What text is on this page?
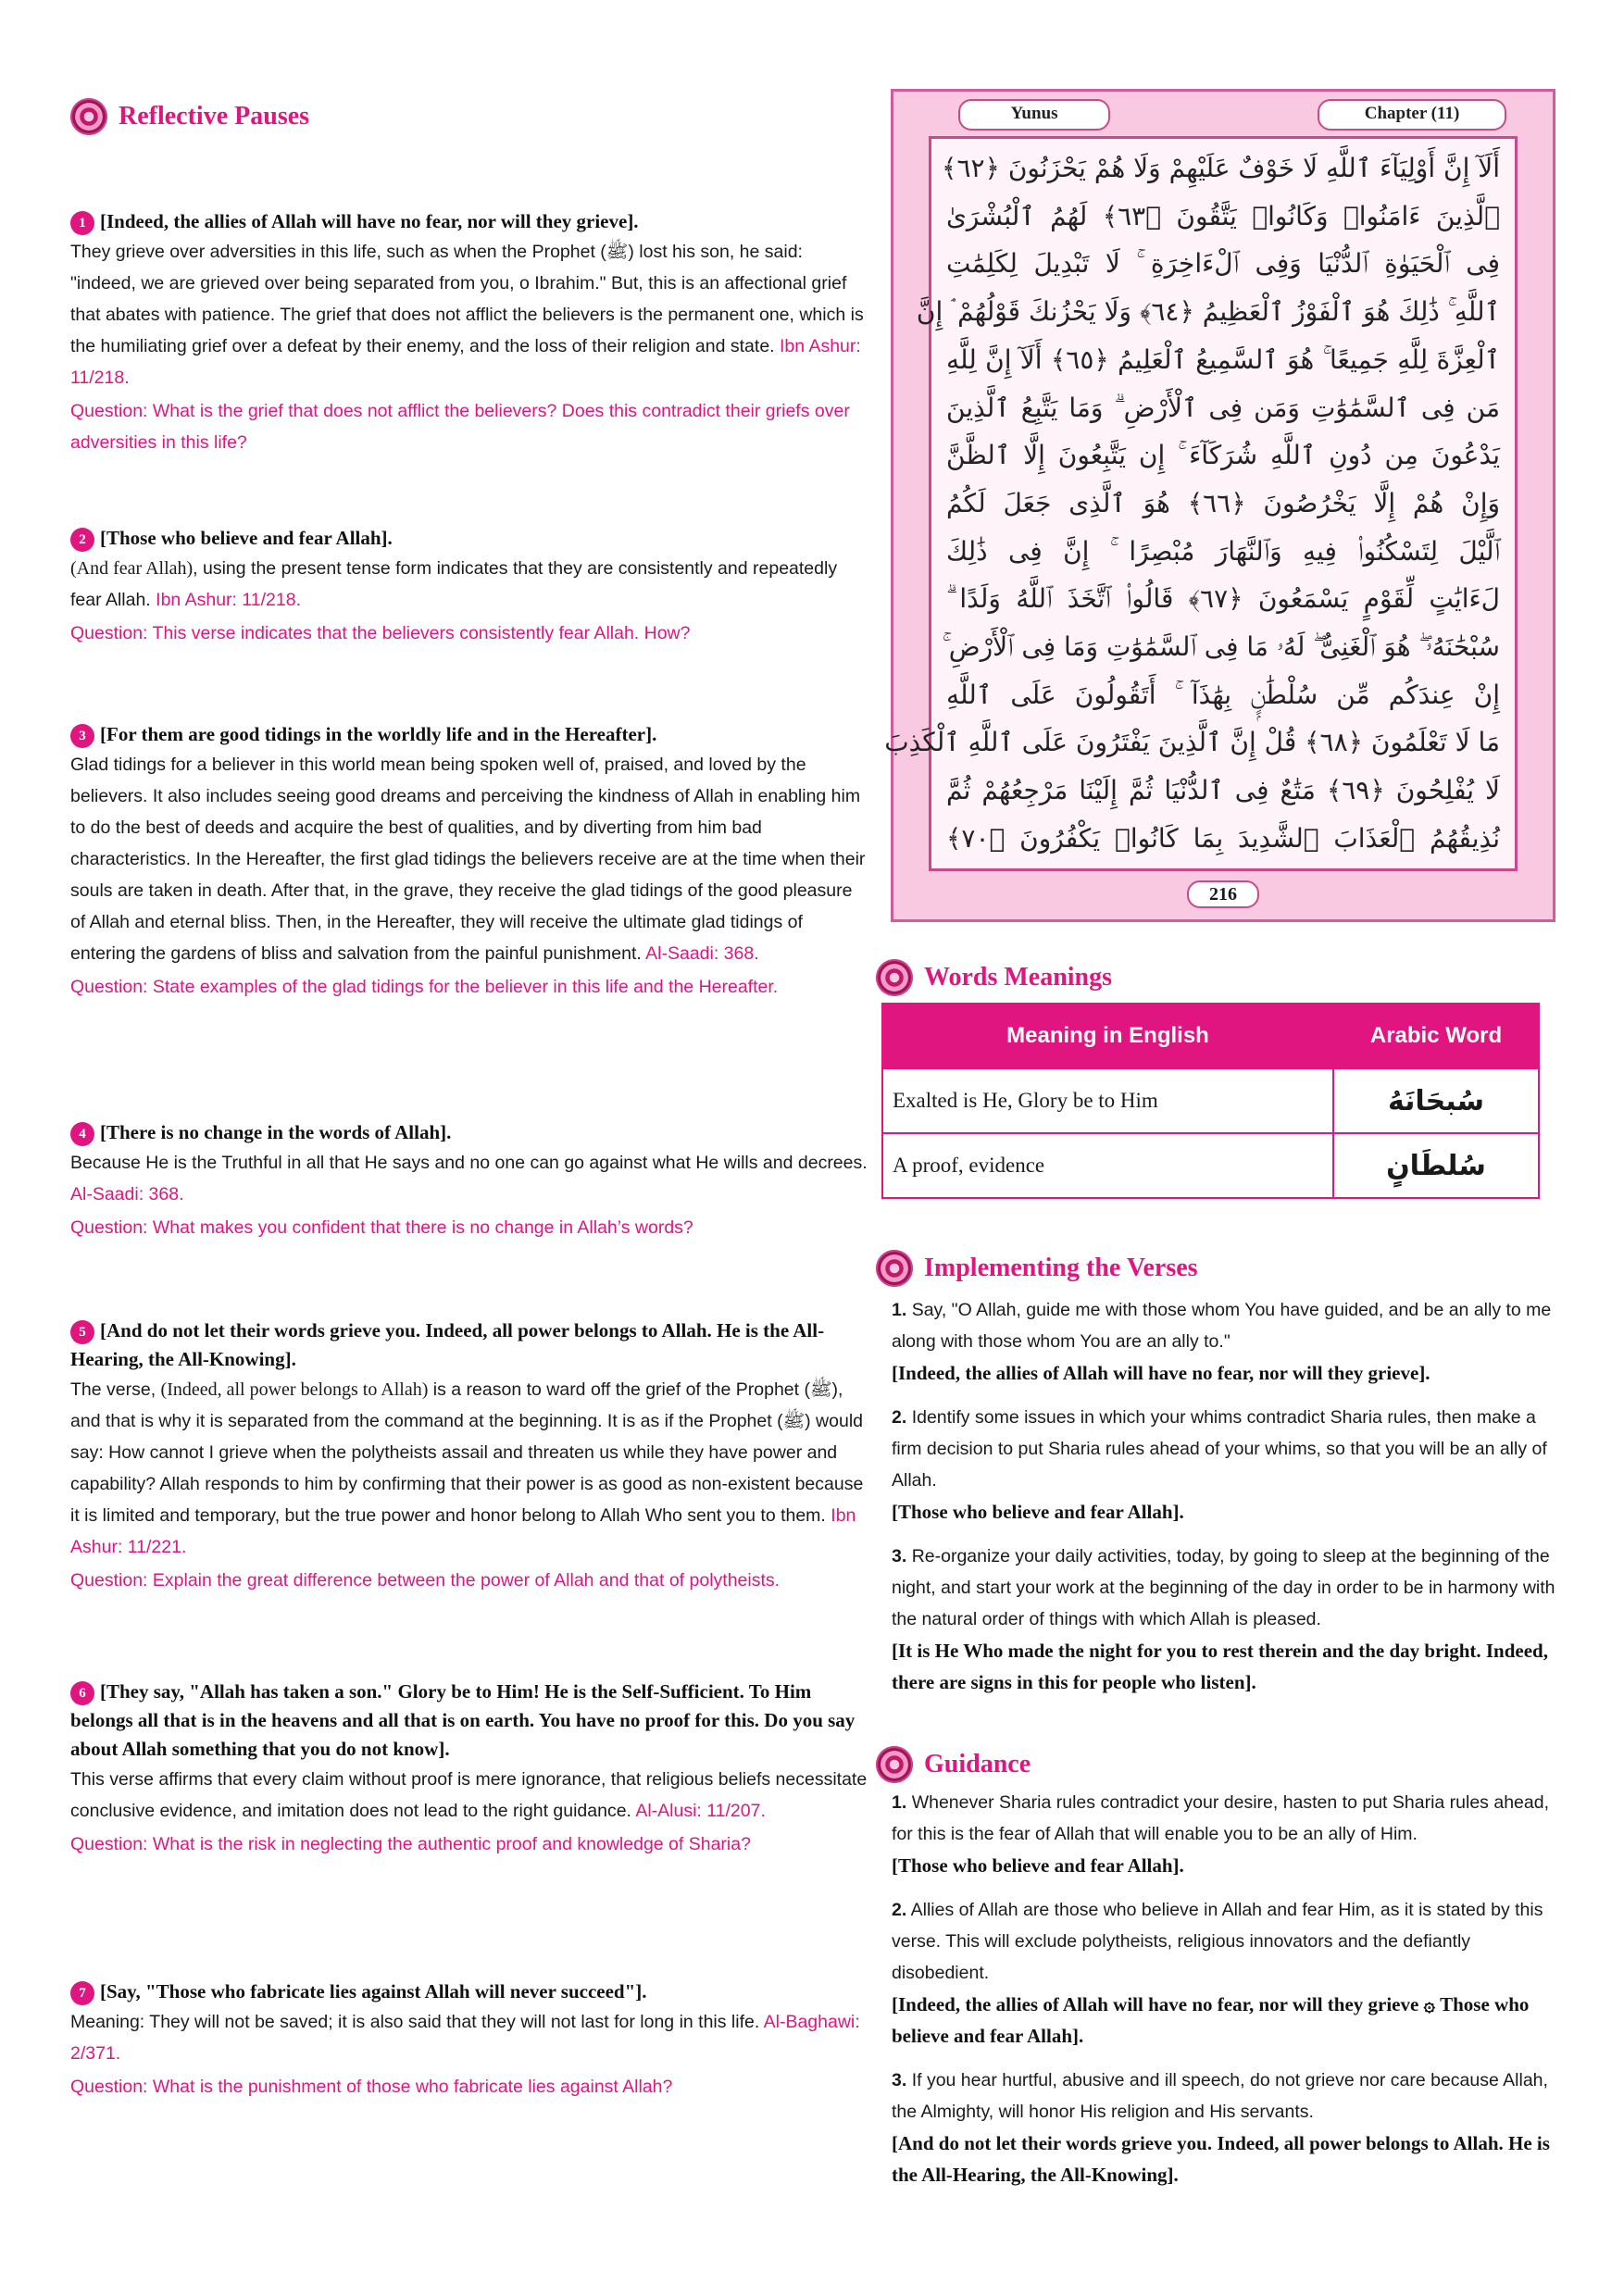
Reflective Pauses
1 [Indeed, the allies of Allah will have no fear, nor will they grieve].
They grieve over adversities in this life, such as when the Prophet (ﷺ) lost his son, he said: "indeed, we are grieved over being separated from you, o Ibrahim." But, this is an affectional grief that abates with patience. The grief that does not afflict the believers is the permanent one, which is the humiliating grief over a defeat by their enemy, and the loss of their religion and state. Ibn Ashur: 11/218.
Question: What is the grief that does not afflict the believers? Does this contradict their griefs over adversities in this life?
2 [Those who believe and fear Allah].
(And fear Allah), using the present tense form indicates that they are consistently and repeatedly fear Allah. Ibn Ashur: 11/218.
Question: This verse indicates that the believers consistently fear Allah. How?
3 [For them are good tidings in the worldly life and in the Hereafter].
Glad tidings for a believer in this world mean being spoken well of, praised, and loved by the believers. It also includes seeing good dreams and perceiving the kindness of Allah in enabling him to do the best of deeds and acquire the best of qualities, and by diverting from him bad characteristics. In the Hereafter, the first glad tidings the believers receive are at the time when their souls are taken in death. After that, in the grave, they receive the glad tidings of the good pleasure of Allah and eternal bliss. Then, in the Hereafter, they will receive the ultimate glad tidings of entering the gardens of bliss and salvation from the painful punishment. Al-Saadi: 368.
Question: State examples of the glad tidings for the believer in this life and the Hereafter.
4 [There is no change in the words of Allah].
Because He is the Truthful in all that He says and no one can go against what He wills and decrees. Al-Saadi: 368.
Question: What makes you confident that there is no change in Allah’s words?
5 [And do not let their words grieve you. Indeed, all power belongs to Allah. He is the All-Hearing, the All-Knowing].
The verse, (Indeed, all power belongs to Allah) is a reason to ward off the grief of the Prophet (ﷺ), and that is why it is separated from the command at the beginning. It is as if the Prophet (ﷺ) would say: How cannot I grieve when the polytheists assail and threaten us while they have power and capability? Allah responds to him by confirming that their power is as good as non-existent because it is limited and temporary, but the true power and honor belong to Allah Who sent you to them. Ibn Ashur: 11/221.
Question: Explain the great difference between the power of Allah and that of polytheists.
6 [They say, "Allah has taken a son." Glory be to Him! He is the Self-Sufficient. To Him belongs all that is in the heavens and all that is on earth. You have no proof for this. Do you say about Allah something that you do not know].
This verse affirms that every claim without proof is mere ignorance, that religious beliefs necessitate conclusive evidence, and imitation does not lead to the right guidance. Al-Alusi: 11/207.
Question: What is the risk in neglecting the authentic proof and knowledge of Sharia?
7 [Say, "Those who fabricate lies against Allah will never succeed"].
Meaning: They will not be saved; it is also said that they will not last for long in this life. Al-Baghawi: 2/371.
Question: What is the punishment of those who fabricate lies against Allah?
Yunus	Chapter (11)
أَلَآ إِنَّ أَوْلِيَآءَ ٱللَّهِ لَا خَوْفٌ عَلَيْهِمْ وَلَا هُمْ يَحْزَنُونَ ﴿٦٢﴾
ٱلَّذِينَ ءَامَنُوا۟ وَكَانُوا۟ يَتَّقُونَ ﴿٦٣﴾ لَهُمُ ٱلْبُشْرَىٰ
فِى ٱلْحَيَوٰةِ ٱلدُّنْيَا وَفِى ٱلْءَاخِرَةِ ۚ لَا تَبْدِيلَ لِكَلِمَٰتِ
ٱللَّهِ ۚ ذَٰلِكَ هُوَ ٱلْفَوْزُ ٱلْعَظِيمُ ﴿٦٤﴾ وَلَا يَحْزُنكَ قَوْلُهُمْ ۘ إِنَّ
ٱلْعِزَّةَ لِلَّهِ جَمِيعًا ۚ هُوَ ٱلسَّمِيعُ ٱلْعَلِيمُ ﴿٦٥﴾ أَلَآ إِنَّ لِلَّهِ
مَن فِى ٱلسَّمَٰوَٰتِ وَمَن فِى ٱلْأَرْضِ ۗ وَمَا يَتَّبِعُ ٱلَّذِينَ
يَدْعُونَ مِن دُونِ ٱللَّهِ شُرَكَآءَ ۚ إِن يَتَّبِعُونَ إِلَّا ٱلظَّنَّ
وَإِنْ هُمْ إِلَّا يَخْرُصُونَ ﴿٦٦﴾ هُوَ ٱلَّذِى جَعَلَ لَكُمُ
ٱلَّيْلَ لِتَسْكُنُوا۟ فِيهِ وَٱلنَّهَارَ مُبْصِرًا ۚ إِنَّ فِى ذَٰلِكَ
لَءَايَٰتٍ لِّقَوْمٍ يَسْمَعُونَ ﴿٦٧﴾ قَالُوا۟ ٱتَّخَذَ ٱللَّهُ وَلَدًا ۗ
سُبْحَٰنَهُۥ ۖ هُوَ ٱلْغَنِىُّ ۖ لَهُۥ مَا فِى ٱلسَّمَٰوَٰتِ وَمَا فِى ٱلْأَرْضِ ۚ
إِنْ عِندَكُم مِّن سُلْطَٰنٍۭ بِهَٰذَآ ۚ أَتَقُولُونَ عَلَى ٱللَّهِ
مَا لَا تَعْلَمُونَ ﴿٦٨﴾ قُلْ إِنَّ ٱلَّذِينَ يَفْتَرُونَ عَلَى ٱللَّهِ ٱلْكَذِبَ
لَا يُفْلِحُونَ ﴿٦٩﴾ مَتَٰعٌ فِى ٱلدُّنْيَا ثُمَّ إِلَيْنَا مَرْجِعُهُمْ ثُمَّ
نُذِيقُهُمُ ٱلْعَذَابَ ٱلشَّدِيدَ بِمَا كَانُوا۟ يَكْفُرُونَ ﴿٧٠﴾
216
Words Meanings
Meaning in English	Arabic Word
Exalted is He, Glory be to Him	سُبحَانَهُ
A proof, evidence	سُلطَانٍ
Implementing the Verses
1. Say, "O Allah, guide me with those whom You have guided, and be an ally to me along with those whom You are an ally to."
[Indeed, the allies of Allah will have no fear, nor will they grieve].
2. Identify some issues in which your whims contradict Sharia rules, then make a firm decision to put Sharia rules ahead of your whims, so that you will be an ally of Allah.
[Those who believe and fear Allah].
3. Re-organize your daily activities, today, by going to sleep at the beginning of the night, and start your work at the beginning of the day in order to be in harmony with the natural order of things with which Allah is pleased.
[It is He Who made the night for you to rest therein and the day bright. Indeed, there are signs in this for people who listen].
Guidance
1. Whenever Sharia rules contradict your desire, hasten to put Sharia rules ahead, for this is the fear of Allah that will enable you to be an ally of Him.
[Those who believe and fear Allah].
2. Allies of Allah are those who believe in Allah and fear Him, as it is stated by this verse. This will exclude polytheists, religious innovators and the defiantly disobedient.
[Indeed, the allies of Allah will have no fear, nor will they grieve ۞ Those who believe and fear Allah].
3. If you hear hurtful, abusive and ill speech, do not grieve nor care because Allah, the Almighty, will honor His religion and His servants.
[And do not let their words grieve you. Indeed, all power belongs to Allah. He is the All-Hearing, the All-Knowing].
